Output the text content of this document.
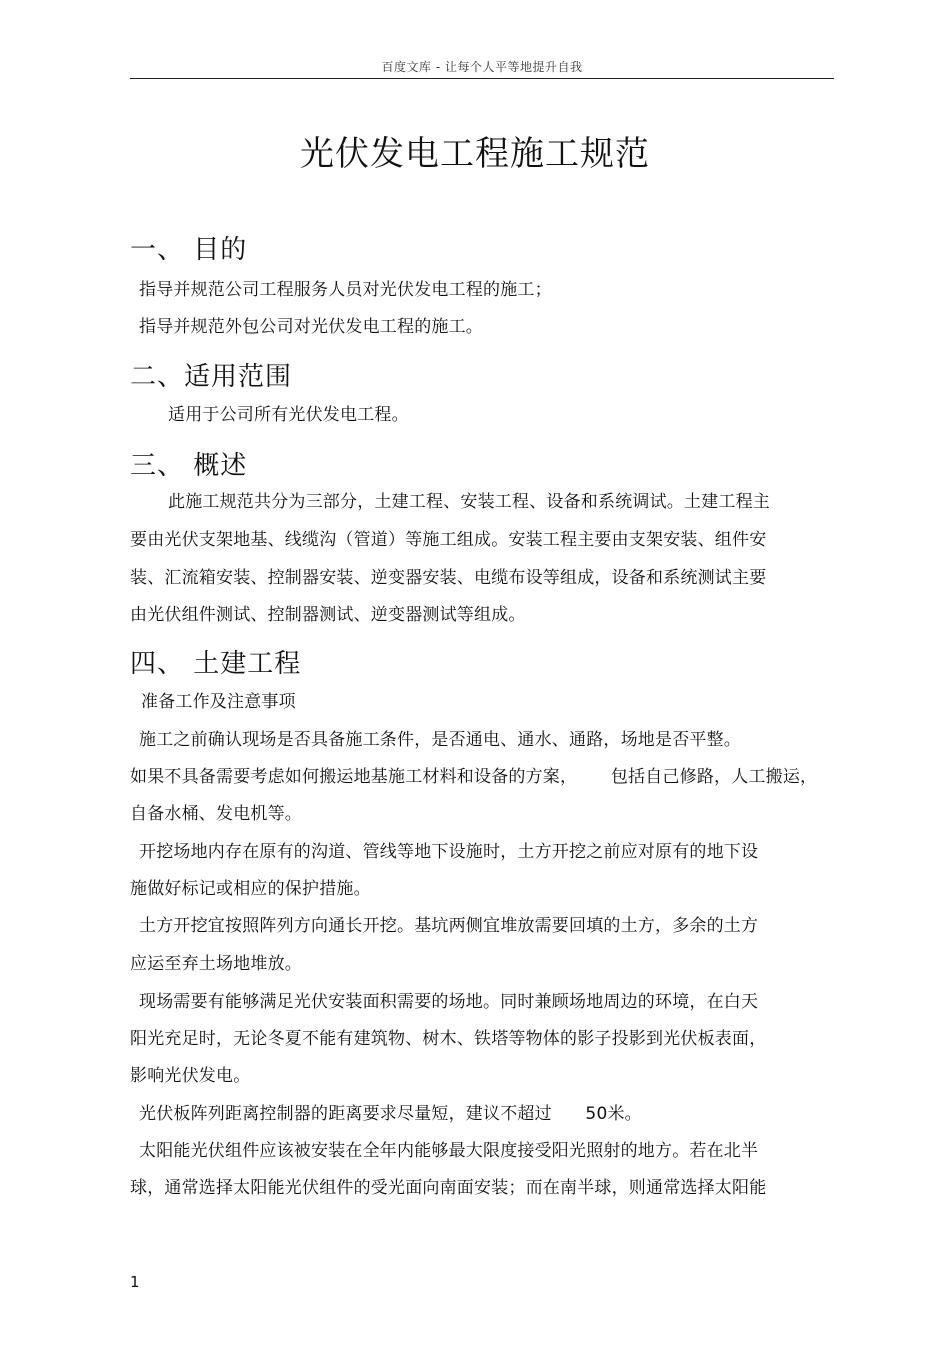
百度文库 - 让每个人平等地提升自我
光伏发电工程施工规范
一、 目的
指导并规范公司工程服务人员对光伏发电工程的施工；
指导并规范外包公司对光伏发电工程的施工。
二、适用范围
适用于公司所有光伏发电工程。
三、 概述
此施工规范共分为三部分，土建工程、安装工程、设备和系统调试。土建工程主
要由光伏支架地基、线缆沟（管道）等施工组成。安装工程主要由支架安装、组件安
装、汇流箱安装、控制器安装、逆变器安装、电缆布设等组成，设备和系统测试主要
由光伏组件测试、控制器测试、逆变器测试等组成。
四、 土建工程
准备工作及注意事项
施工之前确认现场是否具备施工条件，是否通电、通水、通路，场地是否平整。
如果不具备需要考虑如何搬运地基施工材料和设备的方案，      包括自己修路，人工搬运，
自备水桶、发电机等。
开挖场地内存在原有的沟道、管线等地下设施时，土方开挖之前应对原有的地下设
施做好标记或相应的保护措施。
土方开挖宜按照阵列方向通长开挖。基坑两侧宜堆放需要回填的土方，多余的土方
应运至弃土场地堆放。
现场需要有能够满足光伏安装面积需要的场地。同时兼顾场地周边的环境，在白天
阳光充足时，无论冬夏不能有建筑物、树木、铁塔等物体的影子投影到光伏板表面，
影响光伏发电。
光伏板阵列距离控制器的距离要求尽量短，建议不超过      50米。
太阳能光伏组件应该被安装在全年内能够最大限度接受阳光照射的地方。若在北半
球，通常选择太阳能光伏组件的受光面向南面安装；而在南半球，则通常选择太阳能
1
